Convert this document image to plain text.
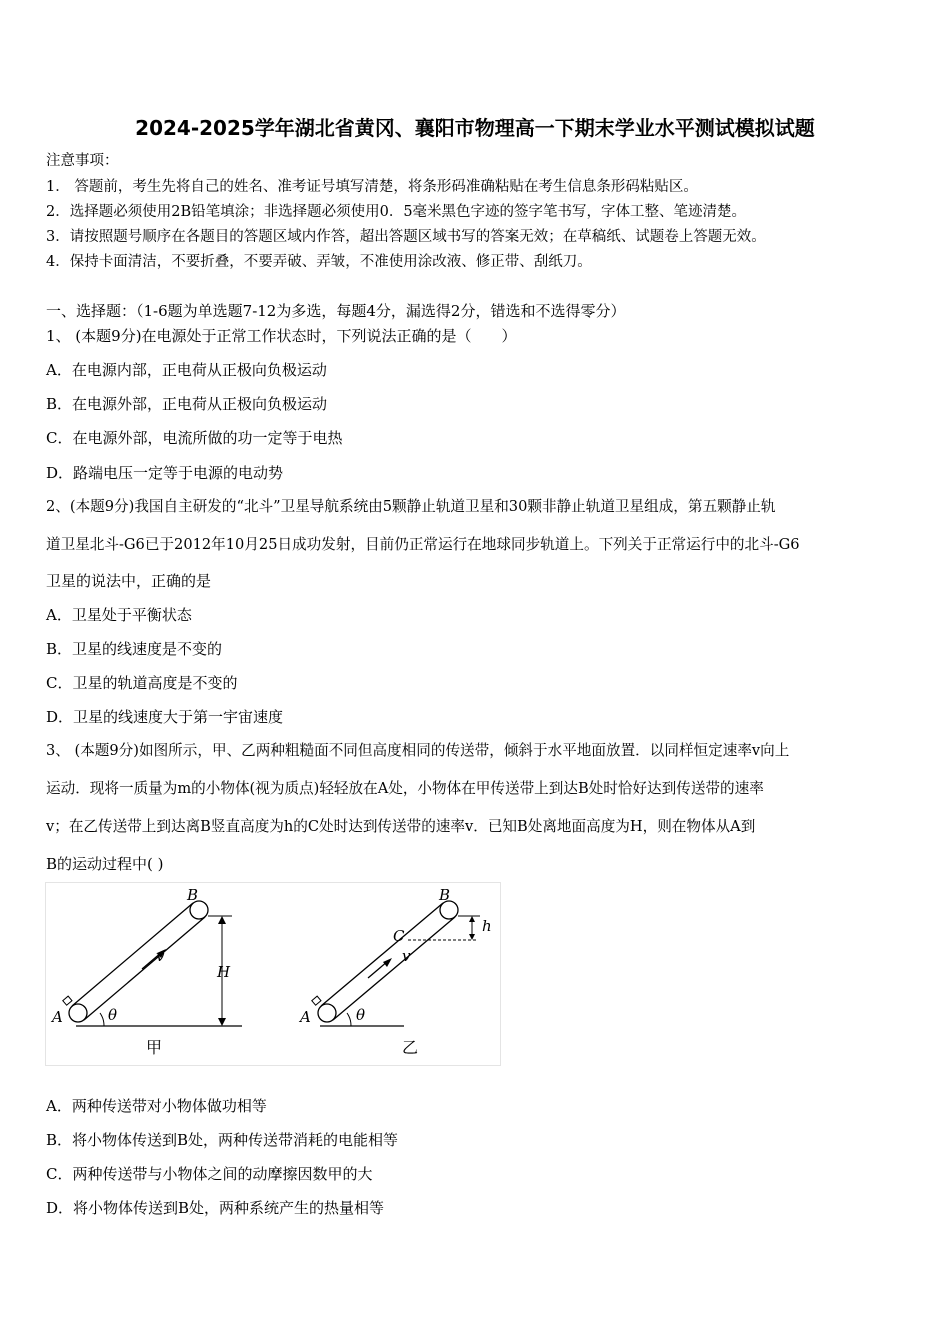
2024-2025学年湖北省黄冈、襄阳市物理高一下期末学业水平测试模拟试题
注意事项：
1． 答题前，考生先将自己的姓名、准考证号填写清楚，将条形码准确粘贴在考生信息条形码粘贴区。
2．选择题必须使用2B铅笔填涂；非选择题必须使用0．5毫米黑色字迹的签字笔书写，字体工整、笔迹清楚。
3．请按照题号顺序在各题目的答题区域内作答，超出答题区域书写的答案无效；在草稿纸、试题卷上答题无效。
4．保持卡面清洁，不要折叠，不要弄破、弄皱，不准使用涂改液、修正带、刮纸刀。
一、选择题：（1-6题为单选题7-12为多选，每题4分，漏选得2分，错选和不选得零分）
1、 (本题9分)在电源处于正常工作状态时，下列说法正确的是（　　）
A．在电源内部，正电荷从正极向负极运动
B．在电源外部，正电荷从正极向负极运动
C．在电源外部，电流所做的功一定等于电热
D．路端电压一定等于电源的电动势
2、(本题9分)我国自主研发的“北斗”卫星导航系统由5颗静止轨道卫星和30颗非静止轨道卫星组成，第五颗静止轨
道卫星北斗-G6已于2012年10月25日成功发射，目前仍正常运行在地球同步轨道上。下列关于正常运行中的北斗-G6
卫星的说法中，正确的是
A．卫星处于平衡状态
B．卫星的线速度是不变的
C．卫星的轨道高度是不变的
D．卫星的线速度大于第一宇宙速度
3、 (本题9分)如图所示，甲、乙两种粗糙面不同但高度相同的传送带，倾斜于水平地面放置．以同样恒定速率v向上
运动．现将一质量为m的小物体(视为质点)轻轻放在A处，小物体在甲传送带上到达B处时恰好达到传送带的速率
v；在乙传送带上到达离B竖直高度为h的C处时达到传送带的速率v．已知B处离地面高度为H，则在物体从A到
B的运动过程中( )
A
B
v
H
θ
甲
A
B
C
v
h
θ
乙
A．两种传送带对小物体做功相等
B．将小物体传送到B处，两种传送带消耗的电能相等
C．两种传送带与小物体之间的动摩擦因数甲的大
D．将小物体传送到B处，两种系统产生的热量相等
